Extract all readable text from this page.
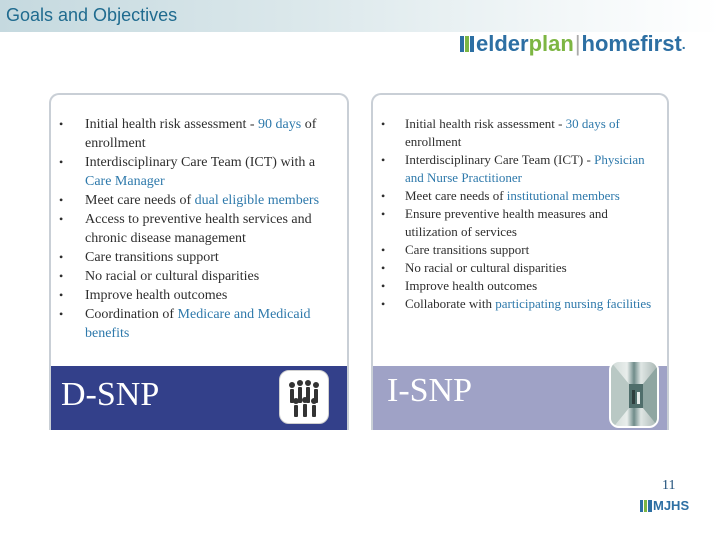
Goals and Objectives
elder plan | homefirst .
• Initial health risk assessment - 90 days of enrollment
• Interdisciplinary Care Team (ICT) with a Care Manager
• Meet care needs of dual eligible members
• Access to preventive health services and chronic disease management
• Care transitions support
• No racial or cultural disparities
• Improve health outcomes
• Coordination of Medicare and Medicaid benefits
D-SNP
• Initial health risk assessment - 30 days of enrollment
• Interdisciplinary Care Team (ICT) - Physician and Nurse Practitioner
• Meet care needs of institutional members
• Ensure preventive health measures and utilization of services
• Care transitions support
• No racial or cultural disparities
• Improve health outcomes
• Collaborate with participating nursing facilities
I-SNP
11
MJHS
